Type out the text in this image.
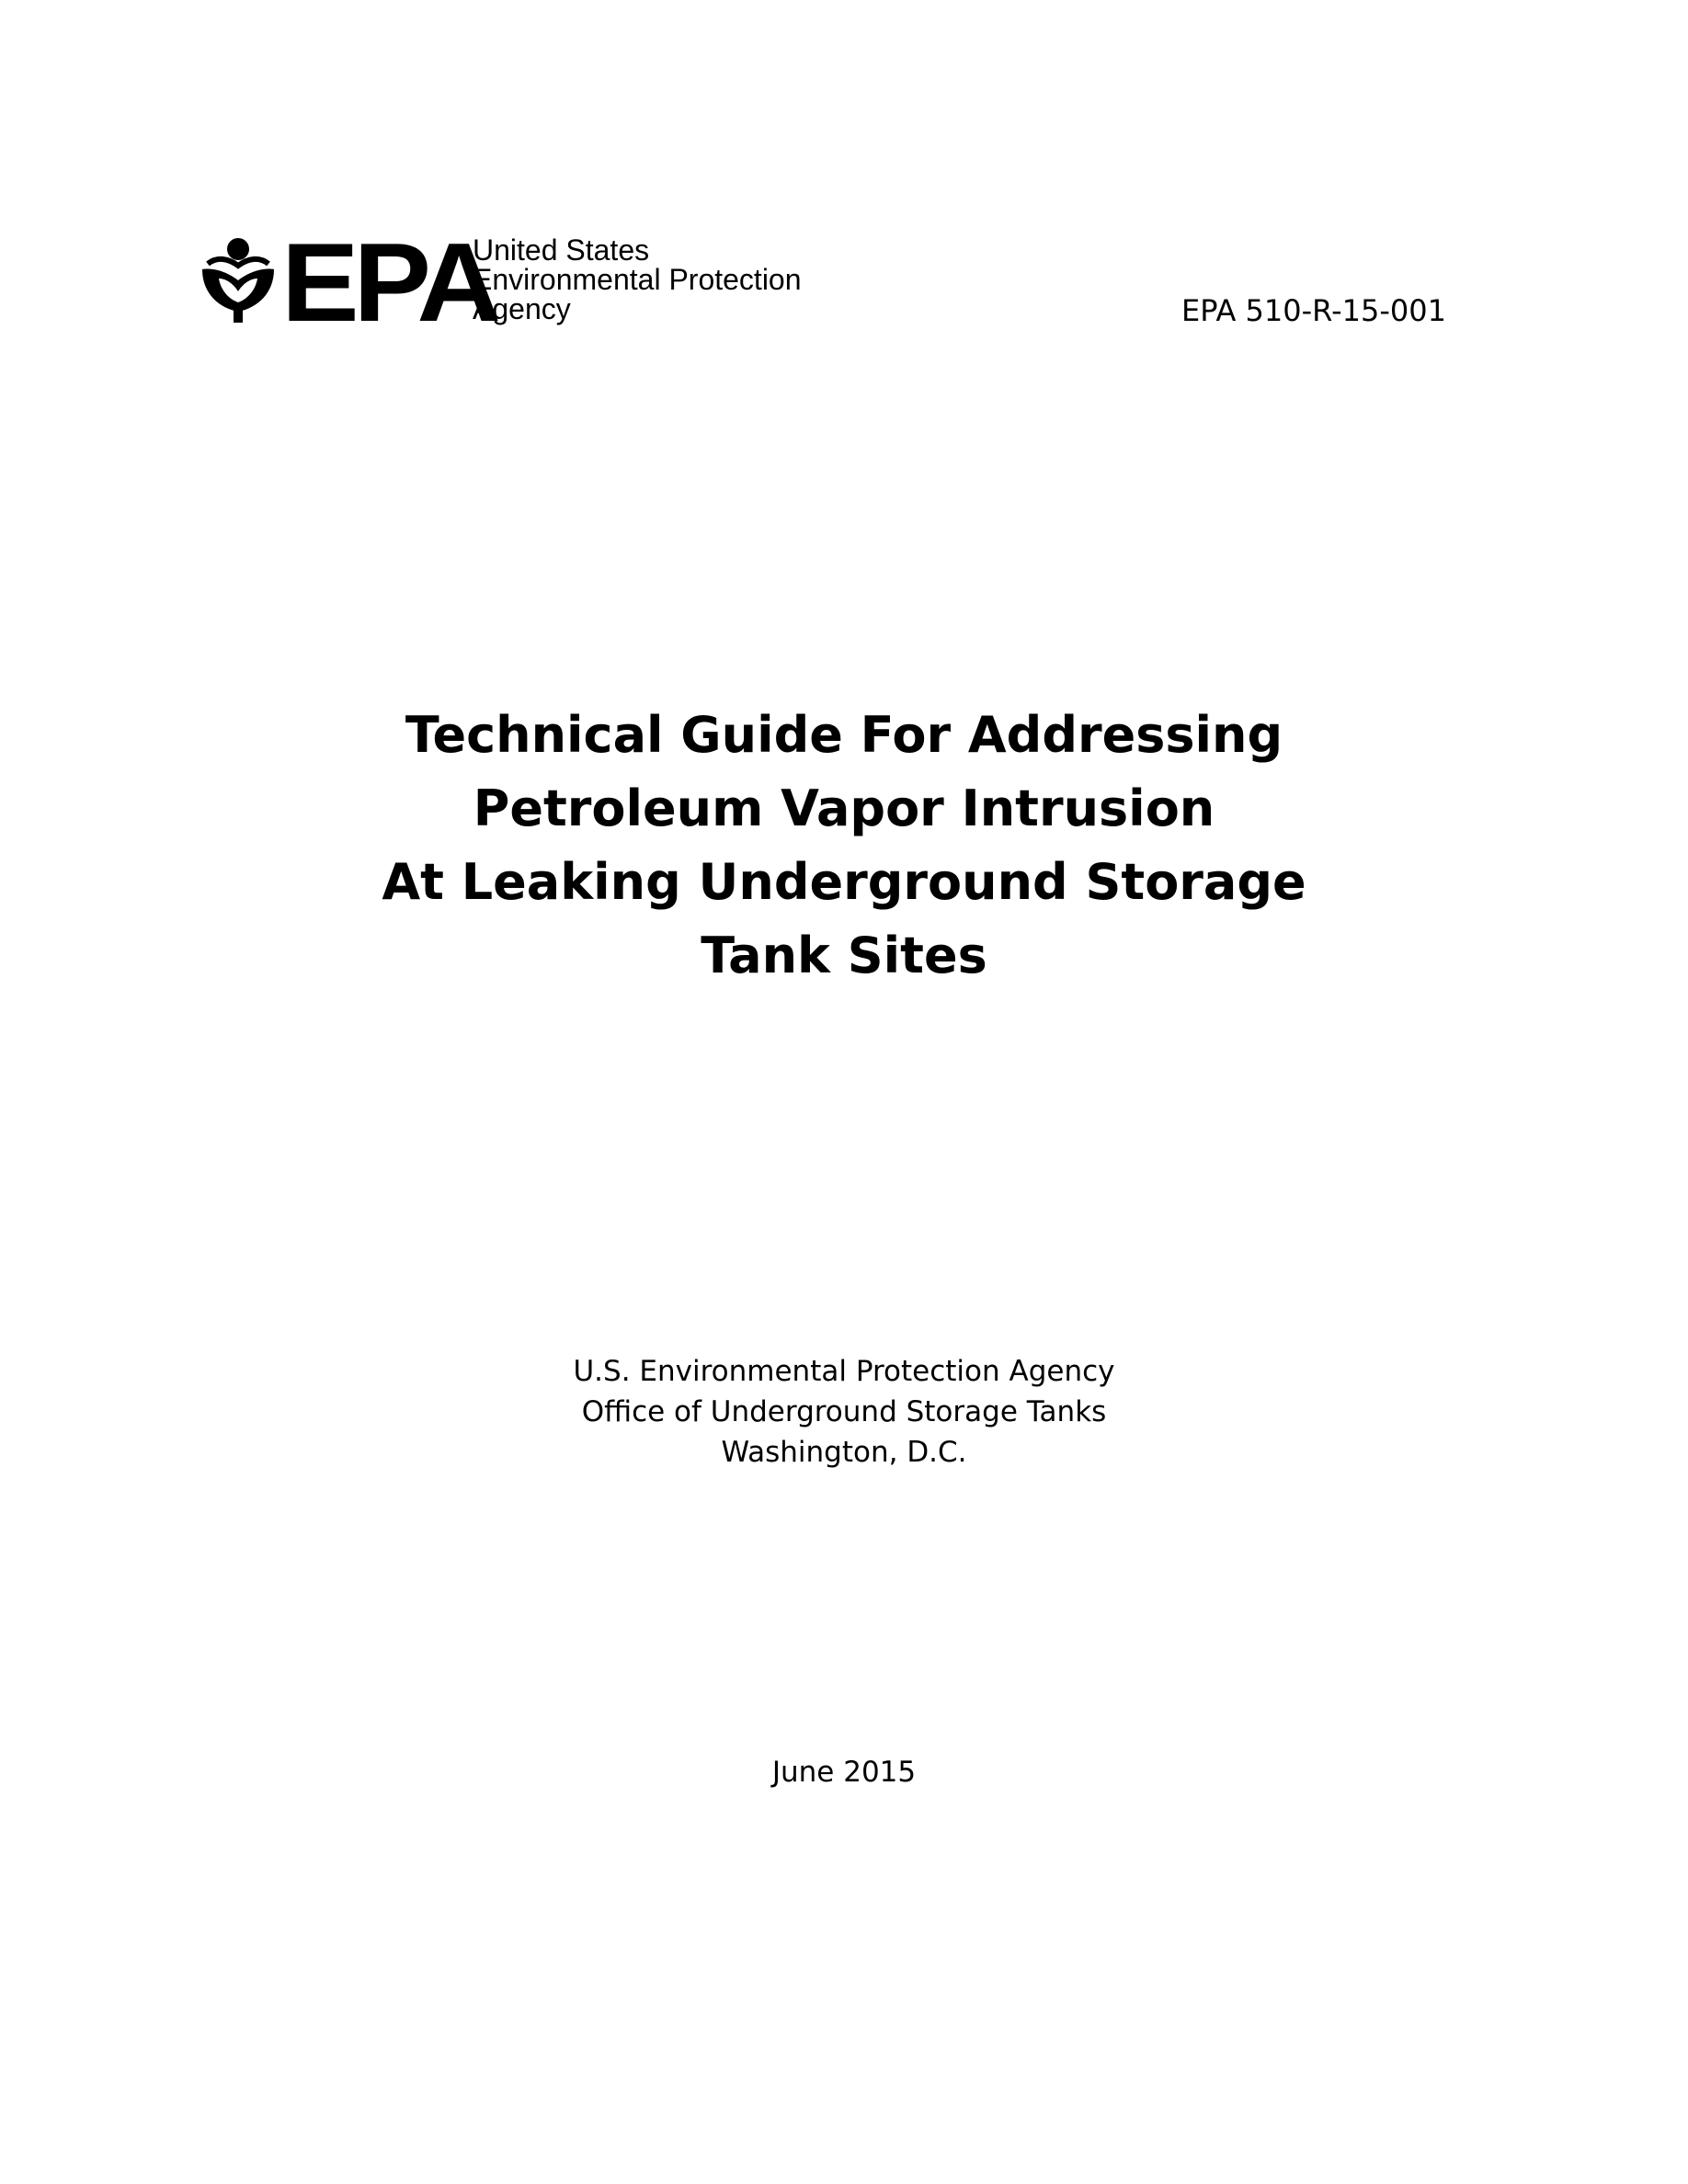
EPA
United States
Environmental Protection
Agency	EPA 510-R-15-001
Technical Guide For Addressing
Petroleum Vapor Intrusion
At Leaking Underground Storage
Tank Sites
U.S. Environmental Protection Agency
Office of Underground Storage Tanks
Washington, D.C.
June 2015
